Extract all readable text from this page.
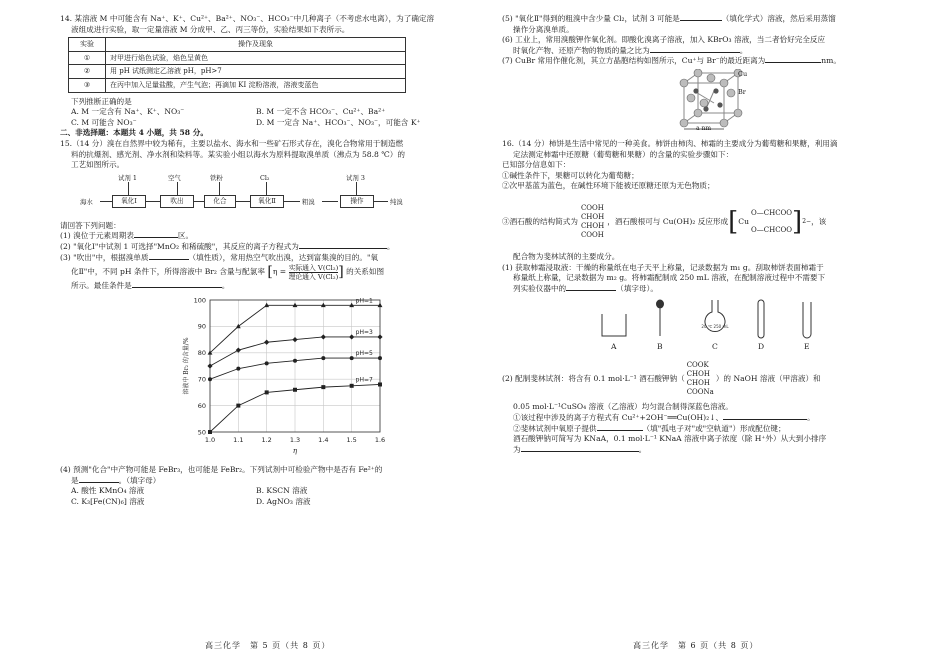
14. 某溶液 M 中可能含有 Na⁺、K⁺、Cu²⁺、Ba²⁺、NO₃⁻、HCO₃⁻中几种离子（不考虑水电离），为了确定溶
液组成进行实验，取一定量溶液 M 分成甲、乙、丙三等份，实验结果如下表所示。
实验	操作及现象
①	对甲进行焰色试验，焰色呈黄色
②	用 pH 试纸测定乙溶液 pH，pH>7
③	在丙中加入足量盐酸，产生气泡；再滴加 KI 淀粉溶液，溶液变蓝色
下列推断正确的是
A. M 一定含有 Na⁺、K⁺、NO₃⁻	B. M 一定不含 HCO₃⁻、Cu²⁺、Ba²⁺
C. M 可能含 NO₃⁻	D. M 一定含 Na⁺、HCO₃⁻、NO₃⁻，可能含 K⁺
二、非选择题：本题共 4 小题，共 58 分。
15.（14 分）溴在自然界中较为稀有，主要以盐水、海水和一些矿石形式存在，溴化合物常用于制造燃
料的抗爆剂、感光剂、净水剂和染料等。某实验小组以海水为原料提取溴单质（沸点为 58.8 ℃）的
工艺如图所示。
试剂 1	空气	铁粉	Cl₂	试剂 3
海水	氧化Ⅰ	吹出	化合	氧化Ⅱ	粗溴	操作	纯溴
请回答下列问题：
(1) 溴位于元素周期表	区。
(2) "氧化Ⅰ"中试剂 1 可选择"MnO₂ 和稀硫酸"，其反应的离子方程式为	。
(3) "吹出"中，根据溴单质	（填性质），常用热空气吹出溴，达到富集溴的目的。"氧
化Ⅱ"中，不同 pH 条件下，所得溶液中 Br₂ 含量与配氯率 [η = 实际通入 V(Cl₂)
理论通入 V(Cl₂) ] 的关系如图
所示。最佳条件是	。
1.0	1.1	1.2	1.3	1.4	1.5	1.6
50
60
70
80
90
100
η
溶液中 Br₂ 的含量/%
pH=1
pH=3
pH=5
pH=7
(4) 预测"化合"中产物可能是 FeBr₃，也可能是 FeBr₂。下列试剂中可检验产物中是否有 Fe²⁺的
是	。（填字母）
A. 酸性 KMnO₄ 溶液	B. KSCN 溶液
C. K₃[Fe(CN)₆] 溶液	D. AgNO₃ 溶液
高三化学　第 5 页（共 8 页）
(5) "氧化Ⅱ"得到的粗溴中含少量 Cl₂，试剂 3 可能是	（填化学式）溶液，然后采用蒸馏
操作分离溴单质。
(6) 工业上，常用溴酸钾作氧化剂。即酸化溴离子溶液，加入 KBrO₃ 溶液，当二者恰好完全反应
时氧化产物、还原产物的物质的量之比为	。
(7) CuBr 常用作催化剂，其立方晶胞结构如图所示，Cu⁺与 Br⁻的最近距离为	nm。
Cu
Br
a nm
16.（14 分）柿饼是生活中常见的一种美食。柿饼由柿肉、柿霜的主要成分为葡萄糖和果糖，利用滴
定法测定柿霜中还原糖（葡萄糖和果糖）的含量的实验步骤如下：
已知部分信息如下：
①碱性条件下，果糖可以转化为葡萄糖；
②次甲基蓝为蓝色，在碱性环境下能被还原糖还原为无色物质；
③酒石酸的结构简式为
COOH
CHOH
CHOH
COOH
，酒石酸根可与 Cu(OH)₂ 反应形成 [ Cu
O—CHCOO
O—CHCOO ] 2− ，该
配合物为斐林试剂的主要成分。
(1) 获取柿霜浸取液：干燥的称量纸在电子天平上称量，记录数据为 m₁ g。刮取柿饼表面柿霜于
称量纸上称量，记录数据为 m₂ g。将柿霜配制成 250 mL 溶液，在配制溶液过程中不需要下
列实验仪器中的	（填字母）。
20 ℃ 250 mL
A	B	C	D	E
(2) 配制斐林试剂：将含有 0.1 mol·L⁻¹ 酒石酸钾钠（
COOK
CHOH
CHOH
COONa
）的 NaOH 溶液（甲溶液）和
0.05 mol·L⁻¹CuSO₄ 溶液（乙溶液）均匀混合制得深蓝色溶液。
①该过程中涉及的离子方程式有 Cu²⁺+2OH⁻══Cu(OH)₂↓、	。
②斐林试剂中氧原子提供	（填"孤电子对"或"空轨道"）形成配位键；
酒石酸钾钠可简写为 KNaA，0.1 mol·L⁻¹ KNaA 溶液中离子浓度（除 H⁺外）从大到小排序
为	。
高三化学　第 6 页（共 8 页）
